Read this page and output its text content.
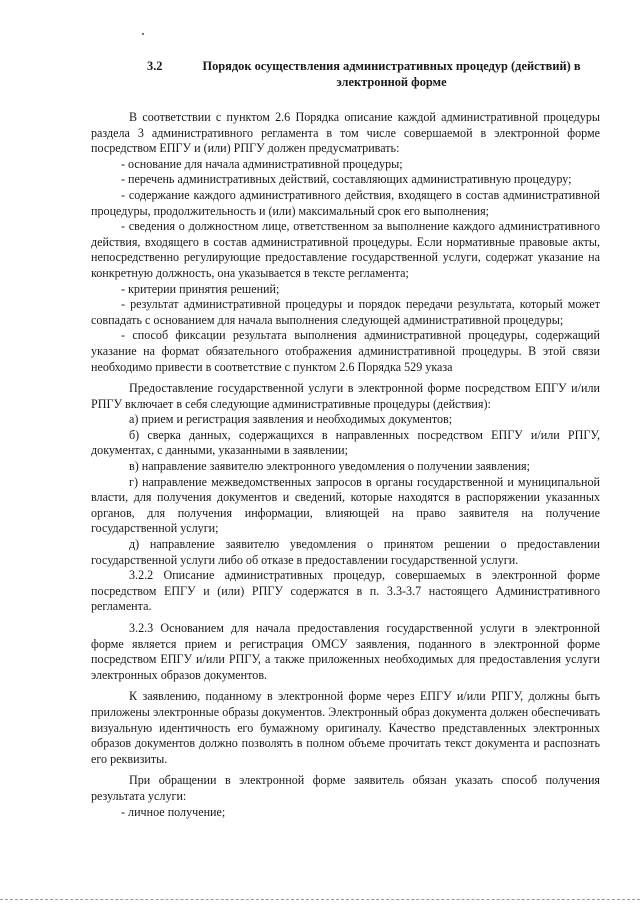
3.2	Порядок осуществления административных процедур (действий) в электронной форме

В соответствии с пунктом 2.6 Порядка описание каждой административной процедуры раздела 3 административного регламента в том числе совершаемой в электронной форме посредством ЕПГУ и (или) РПГУ должен предусматривать:

- основание для начала административной процедуры;

- перечень административных действий, составляющих административную процедуру;

- содержание каждого административного действия, входящего в состав административной процедуры, продолжительность и (или) максимальный срок его выполнения;

- сведения о должностном лице, ответственном за выполнение каждого административного действия, входящего в состав административной процедуры. Если нормативные правовые акты, непосредственно регулирующие предоставление государственной услуги, содержат указание на конкретную должность, она указывается в тексте регламента;

- критерии принятия решений;

- результат административной процедуры и порядок передачи результата, который может совпадать с основанием для начала выполнения следующей административной процедуры;

- способ фиксации результата выполнения административной процедуры, содержащий указание на формат обязательного отображения административной процедуры. В этой связи необходимо привести в соответствие с пунктом 2.6 Порядка 529 указа

Предоставление государственной услуги в электронной форме посредством ЕПГУ и/или РПГУ включает в себя следующие административные процедуры (действия):

а) прием и регистрация заявления и необходимых документов;

б) сверка данных, содержащихся в направленных посредством ЕПГУ и/или РПГУ, документах, с данными, указанными в заявлении;

в) направление заявителю электронного уведомления о получении заявления;

г) направление межведомственных запросов в органы государственной и муниципальной власти, для получения документов и сведений, которые находятся в распоряжении указанных органов, для получения информации, влияющей на право заявителя на получение государственной услуги;

д) направление заявителю уведомления о принятом решении о предоставлении государственной услуги либо об отказе в предоставлении государственной услуги.

3.2.2 Описание административных процедур, совершаемых в электронной форме посредством ЕПГУ и (или) РПГУ содержатся в п. 3.3-3.7 настоящего Административного регламента.

3.2.3 Основанием для начала предоставления государственной услуги в электронной форме является прием и регистрация ОМСУ заявления, поданного в электронной форме посредством ЕПГУ и/или РПГУ, а также приложенных необходимых для предоставления услуги электронных образов документов.

К заявлению, поданному в электронной форме через ЕПГУ и/или РПГУ, должны быть приложены электронные образы документов. Электронный образ документа должен обеспечивать визуальную идентичность его бумажному оригиналу. Качество представленных электронных образов документов должно позволять в полном объеме прочитать текст документа и распознать его реквизиты.

При обращении в электронной форме заявитель обязан указать способ получения результата услуги:

- личное получение;
